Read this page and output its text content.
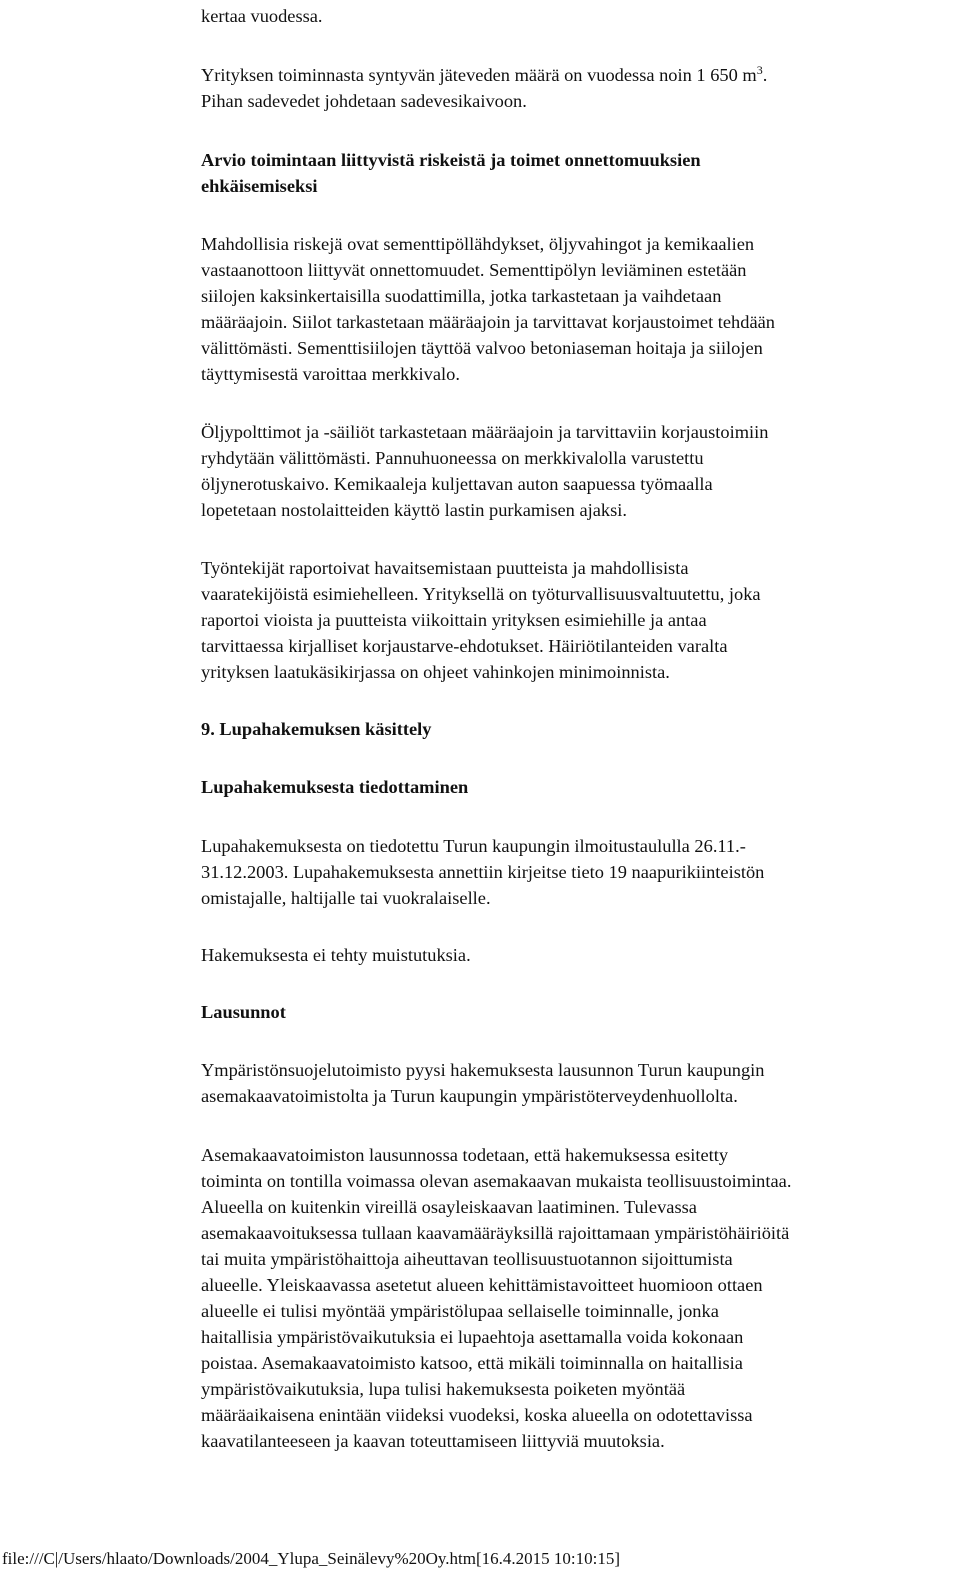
kertaa vuodessa.

Yrityksen toiminnasta syntyvän jäteveden määrä on vuodessa noin 1 650 $m^3$.
Pihan sadevedet johdetaan sadevesikaivoon.

Arvio toimintaan liittyvistä riskeistä ja toimet onnettomuuksien
ehkäisemiseksi

Mahdollisia riskejä ovat sementtipöllähdykset, öljyvahingot ja kemikaalien
vastaanottoon liittyvät onnettomuudet. Sementtipölyn leviäminen estetään
siilojen kaksinkertaisilla suodattimilla, jotka tarkastetaan ja vaihdetaan
määräajoin. Siilot tarkastetaan määräajoin ja tarvittavat korjaustoimet tehdään
välittömästi. Sementtisiilojen täyttöä valvoo betoniaseman hoitaja ja siilojen
täyttymisestä varoittaa merkkivalo.

Öljypolttimot ja -säiliöt tarkastetaan määräajoin ja tarvittaviin korjaustoimiin
ryhdytään välittömästi. Pannuhuoneessa on merkkivalolla varustettu
öljynerotuskaivo. Kemikaaleja kuljettavan auton saapuessa työmaalla
lopetetaan nostolaitteiden käyttö lastin purkamisen ajaksi.

Työntekijät raportoivat havaitsemistaan puutteista ja mahdollisista
vaaratekijöistä esimiehelleen. Yrityksellä on työturvallisuusvaltuutettu, joka
raportoi vioista ja puutteista viikoittain yrityksen esimiehille ja antaa
tarvittaessa kirjalliset korjaustarve-ehdotukset. Häiriötilanteiden varalta
yrityksen laatukäsikirjassa on ohjeet vahinkojen minimoinnista.

9. Lupahakemuksen käsittely

Lupahakemuksesta tiedottaminen

Lupahakemuksesta on tiedotettu Turun kaupungin ilmoitustaululla 26.11.-
31.12.2003. Lupahakemuksesta annettiin kirjeitse tieto 19 naapurikiinteistön
omistajalle, haltijalle tai vuokralaiselle.

Hakemuksesta ei tehty muistutuksia.

Lausunnot

Ympäristönsuojelutoimisto pyysi hakemuksesta lausunnon Turun kaupungin
asemakaavatoimistolta ja Turun kaupungin ympäristöterveydenhuollolta.

Asemakaavatoimiston lausunnossa todetaan, että hakemuksessa esitetty
toiminta on tontilla voimassa olevan asemakaavan mukaista teollisuustoimintaa.
Alueella on kuitenkin vireillä osayleiskaavan laatiminen. Tulevassa
asemakaavoituksessa tullaan kaavamääräyksillä rajoittamaan ympäristöhäiriöitä
tai muita ympäristöhaittoja aiheuttavan teollisuustuotannon sijoittumista
alueelle. Yleiskaavassa asetetut alueen kehittämistavoitteet huomioon ottaen
alueelle ei tulisi myöntää ympäristölupaa sellaiselle toiminnalle, jonka
haitallisia ympäristövaikutuksia ei lupaehtoja asettamalla voida kokonaan
poistaa. Asemakaavatoimisto katsoo, että mikäli toiminnalla on haitallisia
ympäristövaikutuksia, lupa tulisi hakemuksesta poiketen myöntää
määräaikaisena enintään viideksi vuodeksi, koska alueella on odotettavissa
kaavatilanteeseen ja kaavan toteuttamiseen liittyviä muutoksia.

file:///C|/Users/hlaato/Downloads/2004_Ylupa_Seinälevy%20Oy.htm[16.4.2015 10:10:15]
